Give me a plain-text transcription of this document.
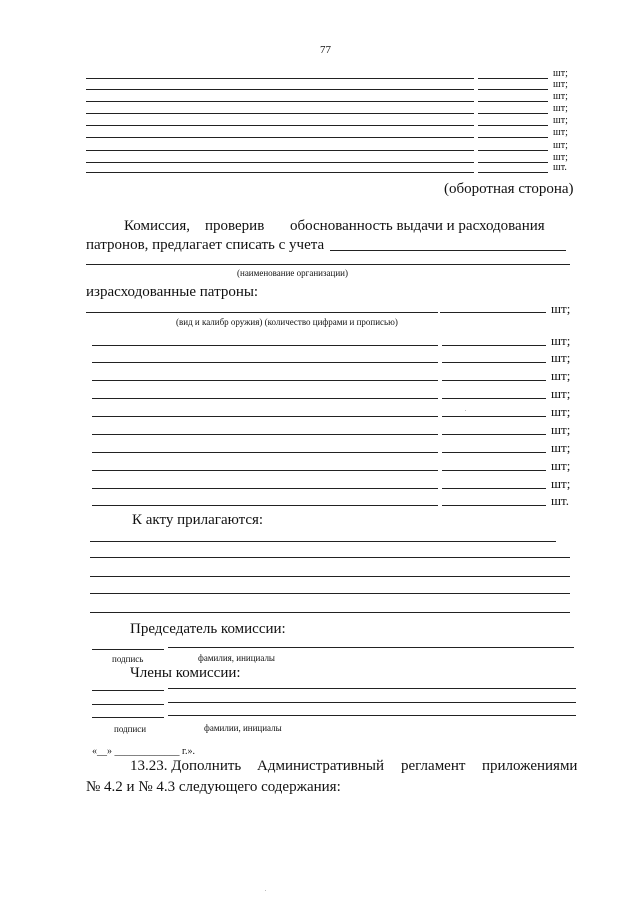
77
шт;
шт;
шт;
шт;
шт;
шт;
шт;
шт;
шт.
(оборотная сторона)
Комиссия, проверив обоснованность выдачи и расходования
патронов, предлагает списать с учета
(наименование организации)
израсходованные патроны:
шт;
(вид и калибр оружия) (количество цифрами и прописью)
шт;
шт;
шт;
шт;
шт;
шт;
шт;
шт;
шт;
шт.
К акту прилагаются:
Председатель комиссии:
подпись	фамилия, инициалы
Члены комиссии:
подписи	фамилии, инициалы
«__» _____________ г.».
13.23. Дополнить Административный регламент приложениями
№ 4.2 и № 4.3 следующего содержания:
